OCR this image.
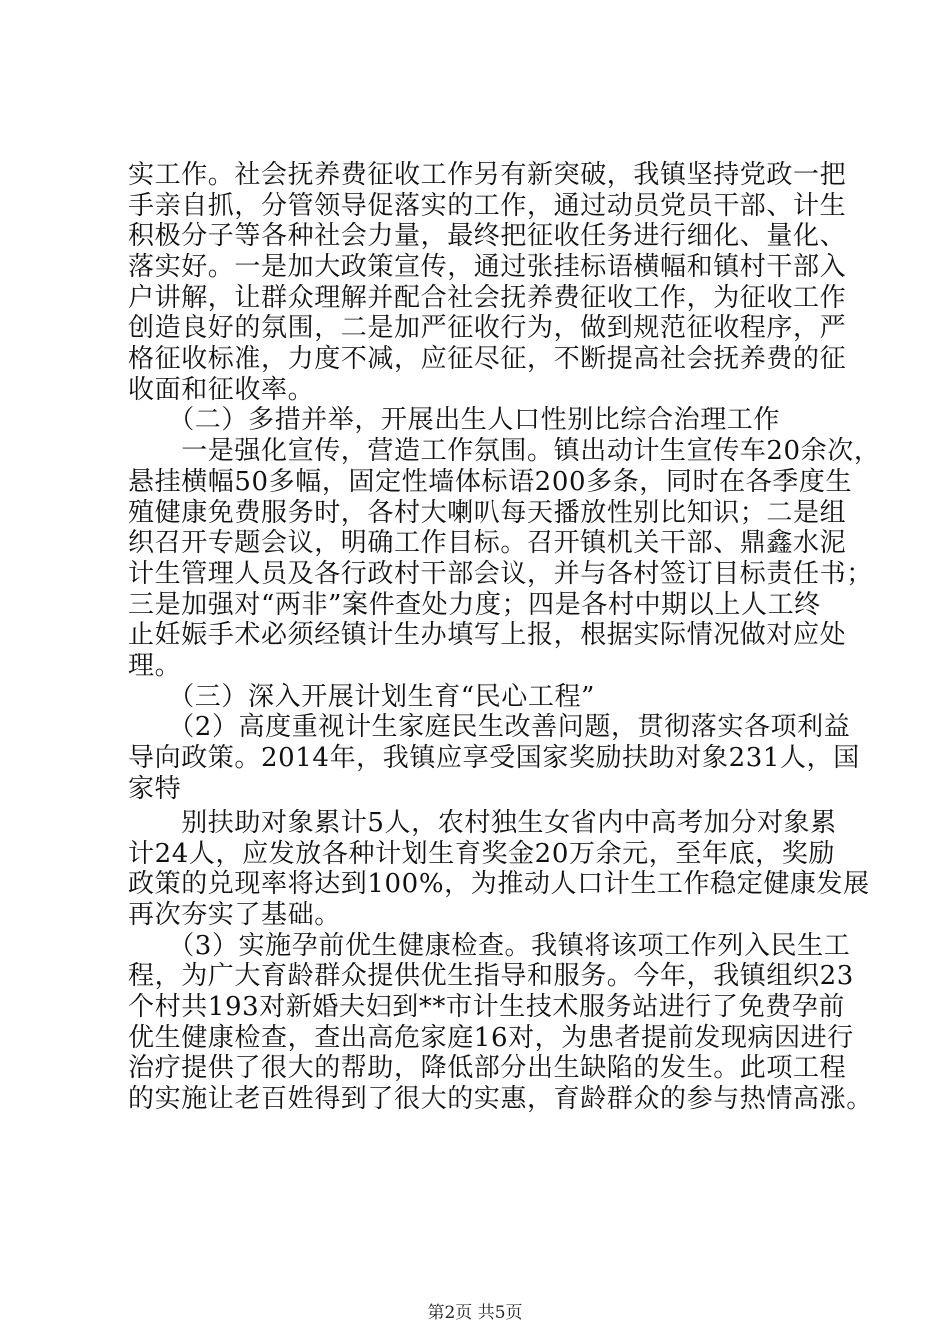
实工作。社会抚养费征收工作另有新突破，我镇坚持党政一把
手亲自抓，分管领导促落实的工作，通过动员党员干部、计生
积极分子等各种社会力量，最终把征收任务进行细化、量化、
落实好。一是加大政策宣传，通过张挂标语横幅和镇村干部入
户讲解，让群众理解并配合社会抚养费征收工作，为征收工作
创造良好的氛围，二是加严征收行为，做到规范征收程序，严
格征收标准，力度不减，应征尽征，不断提高社会抚养费的征
收面和征收率。
　　（二）多措并举，开展出生人口性别比综合治理工作
　　一是强化宣传，营造工作氛围。镇出动计生宣传车20余次，
悬挂横幅50多幅，固定性墙体标语200多条，同时在各季度生
殖健康免费服务时，各村大喇叭每天播放性别比知识；二是组
织召开专题会议，明确工作目标。召开镇机关干部、鼎鑫水泥
计生管理人员及各行政村干部会议，并与各村签订目标责任书；
三是加强对“两非”案件查处力度；四是各村中期以上人工终
止妊娠手术必须经镇计生办填写上报，根据实际情况做对应处
理。
　　（三）深入开展计划生育“民心工程”
　　（2）高度重视计生家庭民生改善问题，贯彻落实各项利益
导向政策。2014年，我镇应享受国家奖励扶助对象231人，国
家特
　　别扶助对象累计5人，农村独生女省内中高考加分对象累
计24人，应发放各种计划生育奖金20万余元，至年底，奖励
政策的兑现率将达到100%，为推动人口计生工作稳定健康发展
再次夯实了基础。
　　（3）实施孕前优生健康检查。我镇将该项工作列入民生工
程，为广大育龄群众提供优生指导和服务。今年，我镇组织23
个村共193对新婚夫妇到**市计生技术服务站进行了免费孕前
优生健康检查，查出高危家庭16对，为患者提前发现病因进行
治疗提供了很大的帮助，降低部分出生缺陷的发生。此项工程
的实施让老百姓得到了很大的实惠，育龄群众的参与热情高涨。
第2页 共5页
